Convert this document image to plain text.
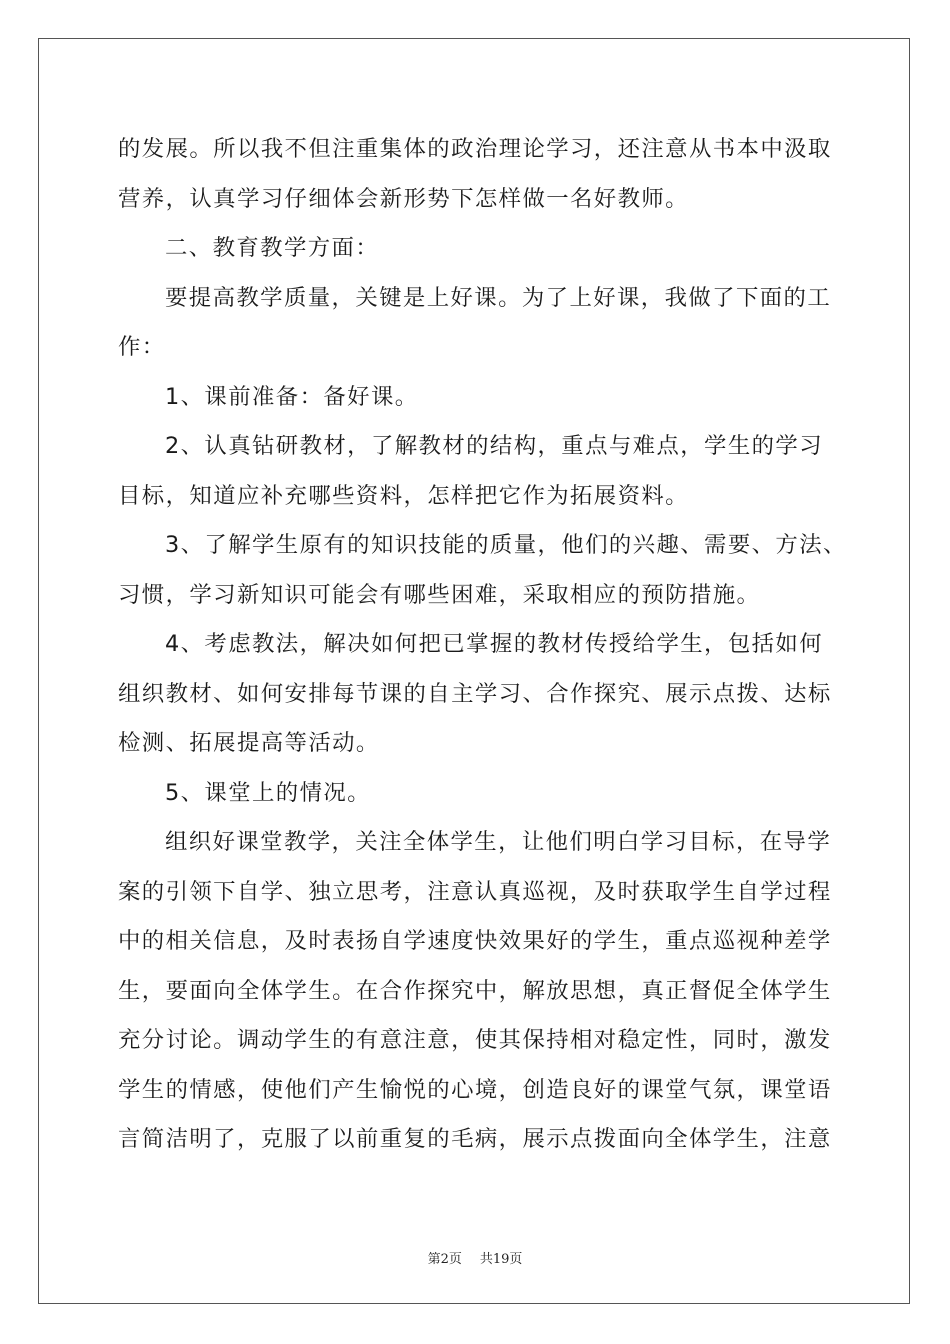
的发展。所以我不但注重集体的政治理论学习，还注意从书本中汲取
营养，认真学习仔细体会新形势下怎样做一名好教师。
二、教育教学方面：
要提高教学质量，关键是上好课。为了上好课，我做了下面的工
作：
1、课前准备：备好课。
2、认真钻研教材，了解教材的结构，重点与难点，学生的学习
目标，知道应补充哪些资料，怎样把它作为拓展资料。
3、了解学生原有的知识技能的质量，他们的兴趣、需要、方法、
习惯，学习新知识可能会有哪些困难，采取相应的预防措施。
4、考虑教法，解决如何把已掌握的教材传授给学生，包括如何
组织教材、如何安排每节课的自主学习、合作探究、展示点拨、达标
检测、拓展提高等活动。
5、课堂上的情况。
组织好课堂教学，关注全体学生，让他们明白学习目标，在导学
案的引领下自学、独立思考，注意认真巡视，及时获取学生自学过程
中的相关信息，及时表扬自学速度快效果好的学生，重点巡视种差学
生，要面向全体学生。在合作探究中，解放思想，真正督促全体学生
充分讨论。调动学生的有意注意，使其保持相对稳定性，同时，激发
学生的情感，使他们产生愉悦的心境，创造良好的课堂气氛，课堂语
言简洁明了，克服了以前重复的毛病，展示点拨面向全体学生，注意
第2页 共19页
